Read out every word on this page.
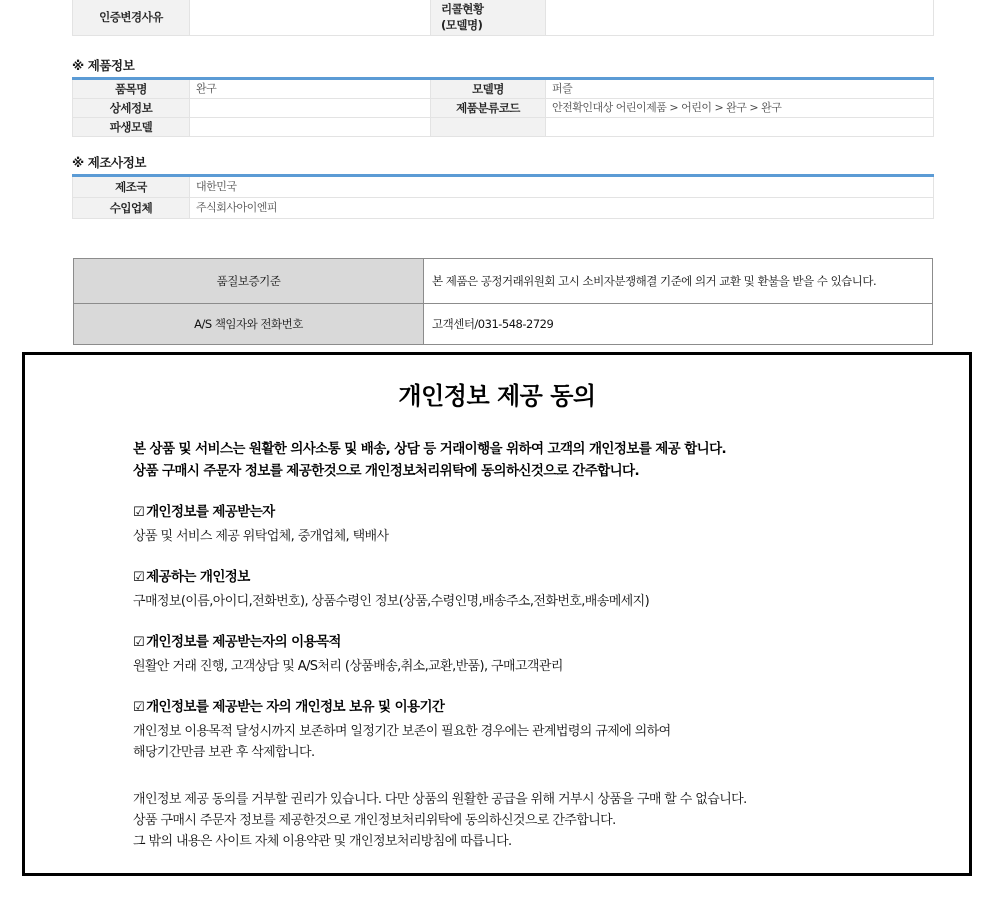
인증변경사유		리콜현황
(모델명)	

※ 제품정보
품목명	완구	모델명	퍼즐
상세정보		제품분류코드	안전확인대상 어린이제품 > 어린이 > 완구 > 완구
파생모델			
※ 제조사정보
제조국	대한민국
수입업체	주식회사아이엔피
품질보증기준	본 제품은 공정거래위원회 고시 소비자분쟁해결 기준에 의거 교환 및 환불을 받을 수 있습니다.
A/S 책임자와 전화번호	고객센터/031-548-2729
개인정보 제공 동의
본 상품 및 서비스는 원활한 의사소통 및 배송, 상담 등 거래이행을 위하여 고객의 개인정보를 제공 합니다.
상품 구매시 주문자 정보를 제공한것으로 개인정보처리위탁에 동의하신것으로 간주합니다.
☑ 개인정보를 제공받는자
상품 및 서비스 제공 위탁업체, 중개업체, 택배사
☑ 제공하는 개인정보
구매정보(이름,아이디,전화번호), 상품수령인 정보(상품,수령인명,배송주소,전화번호,배송메세지)
☑ 개인정보를 제공받는자의 이용목적
원활안 거래 진행, 고객상담 및 A/S처리 (상품배송,취소,교환,반품), 구매고객관리
☑ 개인정보를 제공받는 자의 개인정보 보유 및 이용기간
개인정보 이용목적 달성시까지 보존하며 일정기간 보존이 필요한 경우에는 관계법령의 규제에 의하여
해당기간만큼 보관 후 삭제합니다.
개인정보 제공 동의를 거부할 권리가 있습니다. 다만 상품의 원활한 공급을 위해 거부시 상품을 구매 할 수 없습니다.
상품 구매시 주문자 정보를 제공한것으로 개인정보처리위탁에 동의하신것으로 간주합니다.
그 밖의 내용은 사이트 자체 이용약관 및 개인정보처리방침에 따릅니다.
